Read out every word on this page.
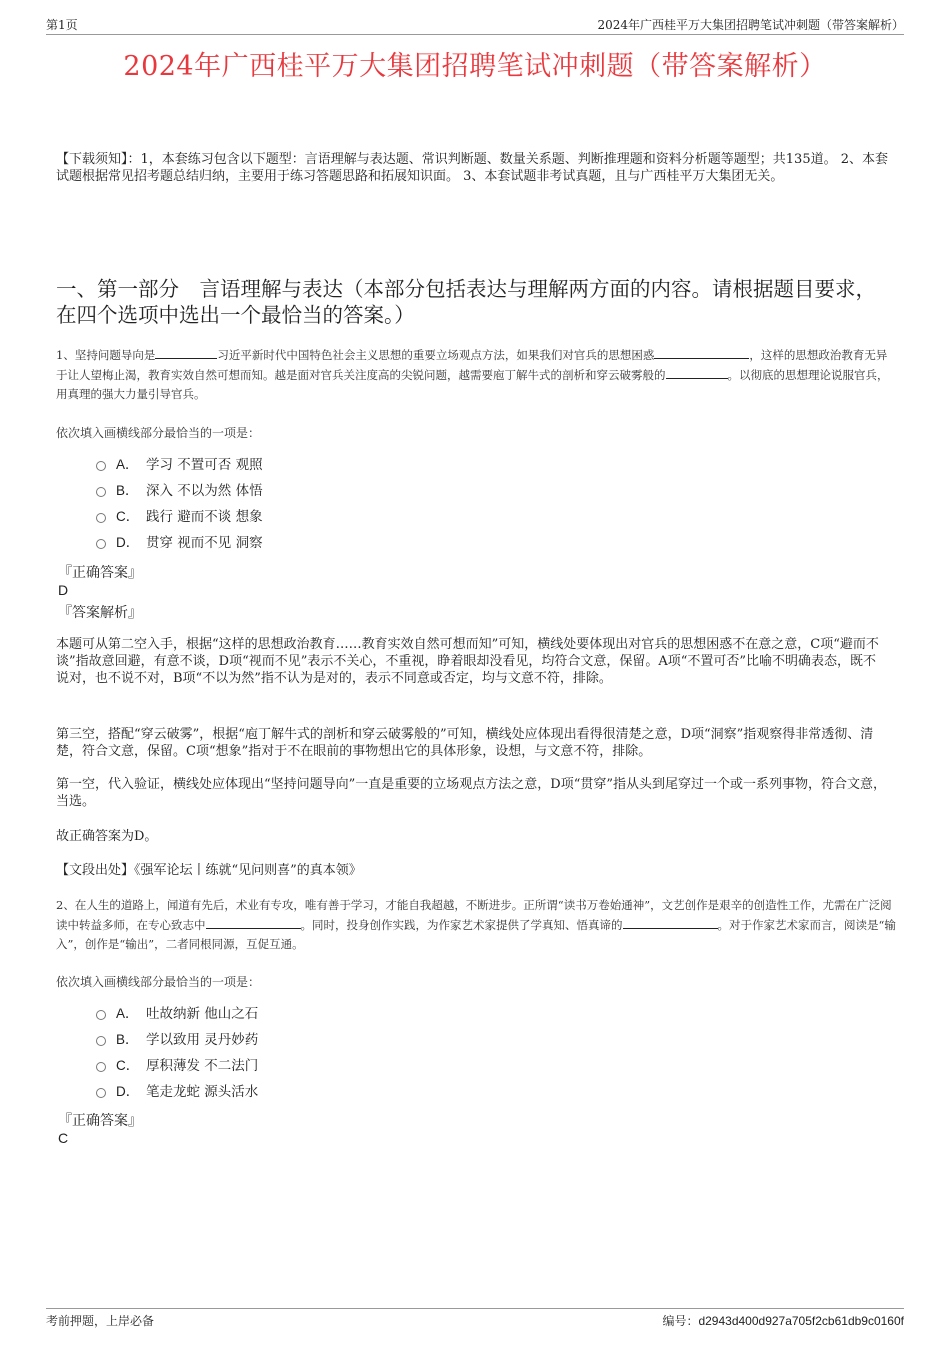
第1页	2024年广西桂平万大集团招聘笔试冲刺题（带答案解析）
2024年广西桂平万大集团招聘笔试冲刺题（带答案解析）
【下载须知】：1，本套练习包含以下题型：言语理解与表达题、常识判断题、数量关系题、判断推理题和资料分析题等题型；共135道。 2、本套试题根据常见招考题总结归纳，主要用于练习答题思路和拓展知识面。 3、本套试题非考试真题，且与广西桂平万大集团无关。
一、第一部分　言语理解与表达（本部分包括表达与理解两方面的内容。请根据题目要求，在四个选项中选出一个最恰当的答案。）
1、坚持问题导向是	习近平新时代中国特色社会主义思想的重要立场观点方法，如果我们对官兵的思想困惑	，这样的思想政治教育无异于让人望梅止渴，教育实效自然可想而知。越是面对官兵关注度高的尖锐问题，越需要庖丁解牛式的剖析和穿云破雾般的	。以彻底的思想理论说服官兵，用真理的强大力量引导官兵。
依次填入画横线部分最恰当的一项是：
A． 学习 不置可否 观照
B． 深入 不以为然 体悟
C． 践行 避而不谈 想象
D． 贯穿 视而不见 洞察
『正确答案』
D
『答案解析』
本题可从第二空入手，根据“这样的思想政治教育……教育实效自然可想而知”可知，横线处要体现出对官兵的思想困惑不在意之意，C项“避而不谈”指故意回避，有意不谈，D项“视而不见”表示不关心，不重视，睁着眼却没看见，均符合文意，保留。A项“不置可否”比喻不明确表态，既不说对，也不说不对，B项“不以为然”指不认为是对的，表示不同意或否定，均与文意不符，排除。
第三空，搭配“穿云破雾”，根据“庖丁解牛式的剖析和穿云破雾般的”可知，横线处应体现出看得很清楚之意，D项“洞察”指观察得非常透彻、清楚，符合文意，保留。C项“想象”指对于不在眼前的事物想出它的具体形象，设想，与文意不符，排除。
第一空，代入验证，横线处应体现出“坚持问题导向”一直是重要的立场观点方法之意，D项“贯穿”指从头到尾穿过一个或一系列事物，符合文意，当选。
故正确答案为D。
【文段出处】《强军论坛丨练就“见问则喜”的真本领》
2、在人生的道路上，闻道有先后，术业有专攻，唯有善于学习，才能自我超越，不断进步。正所谓“读书万卷始通神”，文艺创作是艰辛的创造性工作，尤需在广泛阅读中转益多师，在专心致志中	。同时，投身创作实践，为作家艺术家提供了学真知、悟真谛的	。对于作家艺术家而言，阅读是“输入”，创作是“输出”，二者同根同源，互促互通。
依次填入画横线部分最恰当的一项是：
A． 吐故纳新 他山之石
B． 学以致用 灵丹妙药
C． 厚积薄发 不二法门
D． 笔走龙蛇 源头活水
『正确答案』
C
考前押题，上岸必备	编号：d2943d400d927a705f2cb61db9c0160f
